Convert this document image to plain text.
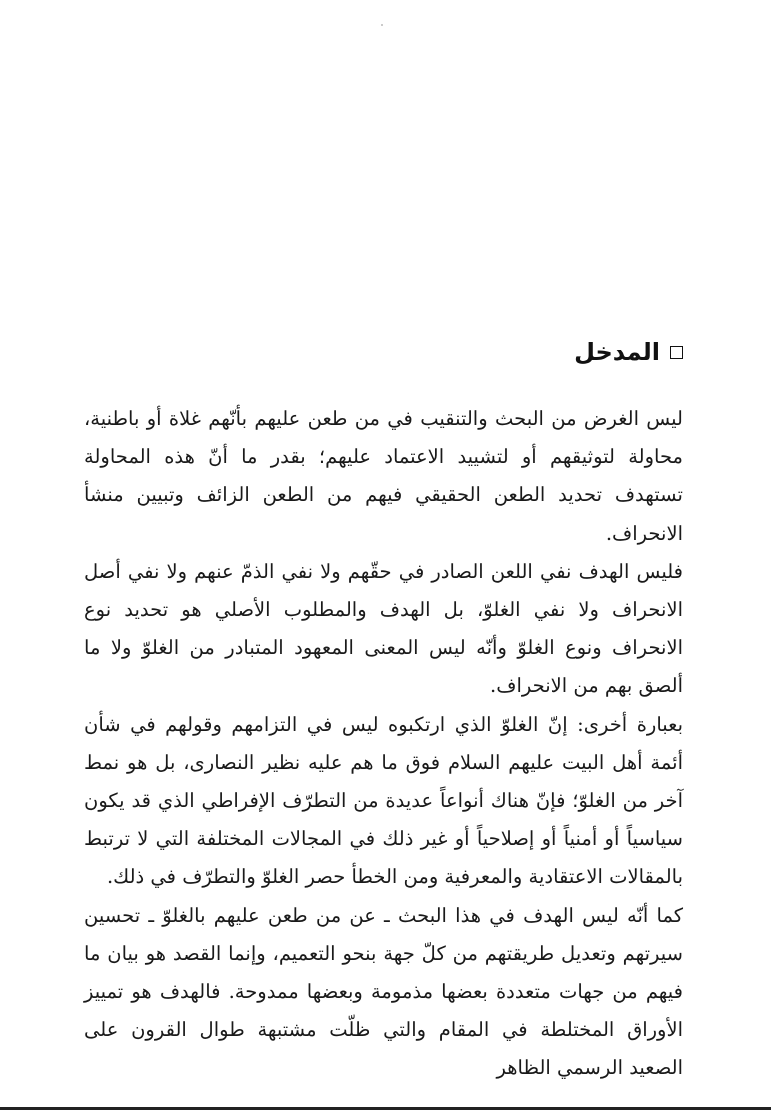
المدخل

ليس الغرض من البحث والتنقيب في من طعن عليهم بأنّهم غلاة أو باطنية، محاولة لتوثيقهم أو لتشييد الاعتماد عليهم؛ بقدر ما أنّ هذه المحاولة تستهدف تحديد الطعن الحقيقي فيهم من الطعن الزائف وتبيين منشأ الانحراف.

فليس الهدف نفي اللعن الصادر في حقّهم ولا نفي الذمّ عنهم ولا نفي أصل الانحراف ولا نفي الغلوّ، بل الهدف والمطلوب الأصلي هو تحديد نوع الانحراف ونوع الغلوّ وأنّه ليس المعنى المعهود المتبادر من الغلوّ ولا ما ألصق بهم من الانحراف.

بعبارة أخرى: إنّ الغلوّ الذي ارتكبوه ليس في التزامهم وقولهم في شأن أئمة أهل البيت عليهم السلام فوق ما هم عليه نظير النصارى، بل هو نمط آخر من الغلوّ؛ فإنّ هناك أنواعاً عديدة من التطرّف الإفراطي الذي قد يكون سياسياً أو أمنياً أو إصلاحياً أو غير ذلك في المجالات المختلفة التي لا ترتبط بالمقالات الاعتقادية والمعرفية ومن الخطأ حصر الغلوّ والتطرّف في ذلك.

كما أنّه ليس الهدف في هذا البحث ـ عن من طعن عليهم بالغلوّ ـ تحسين سيرتهم وتعديل طريقتهم من كلّ جهة بنحو التعميم، وإنما القصد هو بيان ما فيهم من جهات متعددة بعضها مذمومة وبعضها ممدوحة. فالهدف هو تمييز الأوراق المختلطة في المقام والتي ظلّت مشتبهة طوال القرون على الصعيد الرسمي الظاهر
